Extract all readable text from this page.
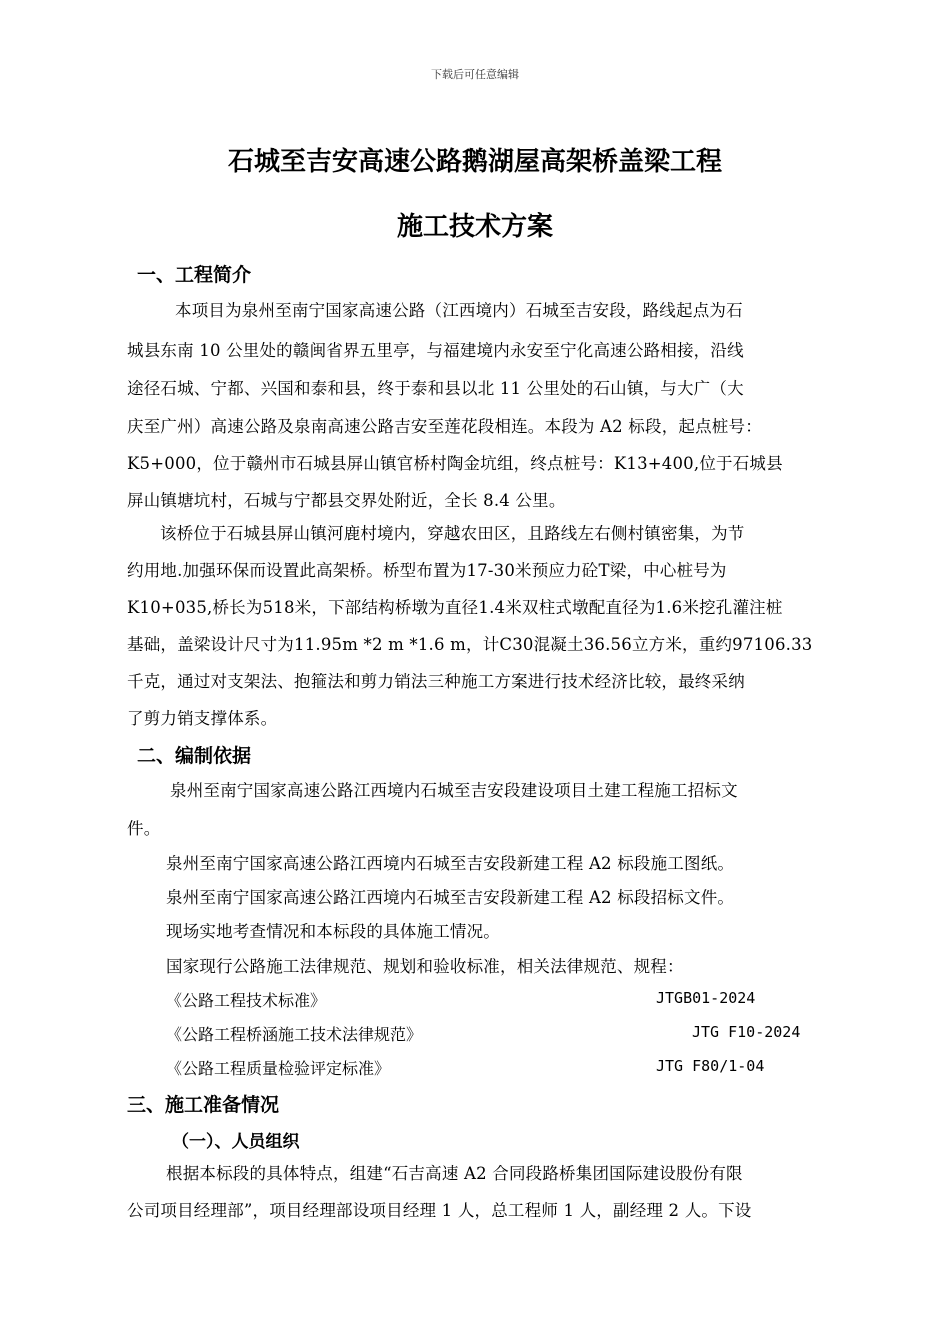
下载后可任意编辑
石城至吉安高速公路鹅湖屋高架桥盖梁工程
施工技术方案
一、工程简介
本项目为泉州至南宁国家高速公路（江西境内）石城至吉安段，路线起点为石
城县东南 10 公里处的赣闽省界五里亭，与福建境内永安至宁化高速公路相接，沿线
途径石城、宁都、兴国和泰和县，终于泰和县以北 11 公里处的石山镇，与大广（大
庆至广州）高速公路及泉南高速公路吉安至莲花段相连。本段为 A2 标段，起点桩号：
K5+000，位于赣州市石城县屏山镇官桥村陶金坑组，终点桩号：K13+400,位于石城县
屏山镇塘坑村，石城与宁都县交界处附近，全长 8.4 公里。
该桥位于石城县屏山镇河鹿村境内，穿越农田区，且路线左右侧村镇密集，为节
约用地.加强环保而设置此高架桥。桥型布置为17-30米预应力砼T梁，中心桩号为
K10+035,桥长为518米，下部结构桥墩为直径1.4米双柱式墩配直径为1.6米挖孔灌注桩
基础，盖梁设计尺寸为11.95m *2 m *1.6 m，计C30混凝土36.56立方米，重约97106.33
千克，通过对支架法、抱箍法和剪力销法三种施工方案进行技术经济比较，最终采纳
了剪力销支撑体系。
二、编制依据
泉州至南宁国家高速公路江西境内石城至吉安段建设项目土建工程施工招标文
件。
泉州至南宁国家高速公路江西境内石城至吉安段新建工程 A2 标段施工图纸。
泉州至南宁国家高速公路江西境内石城至吉安段新建工程 A2 标段招标文件。
现场实地考查情况和本标段的具体施工情况。
国家现行公路施工法律规范、规划和验收标准，相关法律规范、规程：
《公路工程技术标准》	JTGB01-2024
《公路工程桥涵施工技术法律规范》	JTG F10-2024
《公路工程质量检验评定标准》	JTG F80/1-04
三、施工准备情况
（一）、人员组织
根据本标段的具体特点，组建“石吉高速 A2 合同段路桥集团国际建设股份有限
公司项目经理部”，项目经理部设项目经理 1 人，总工程师 1 人，副经理 2 人。下设
